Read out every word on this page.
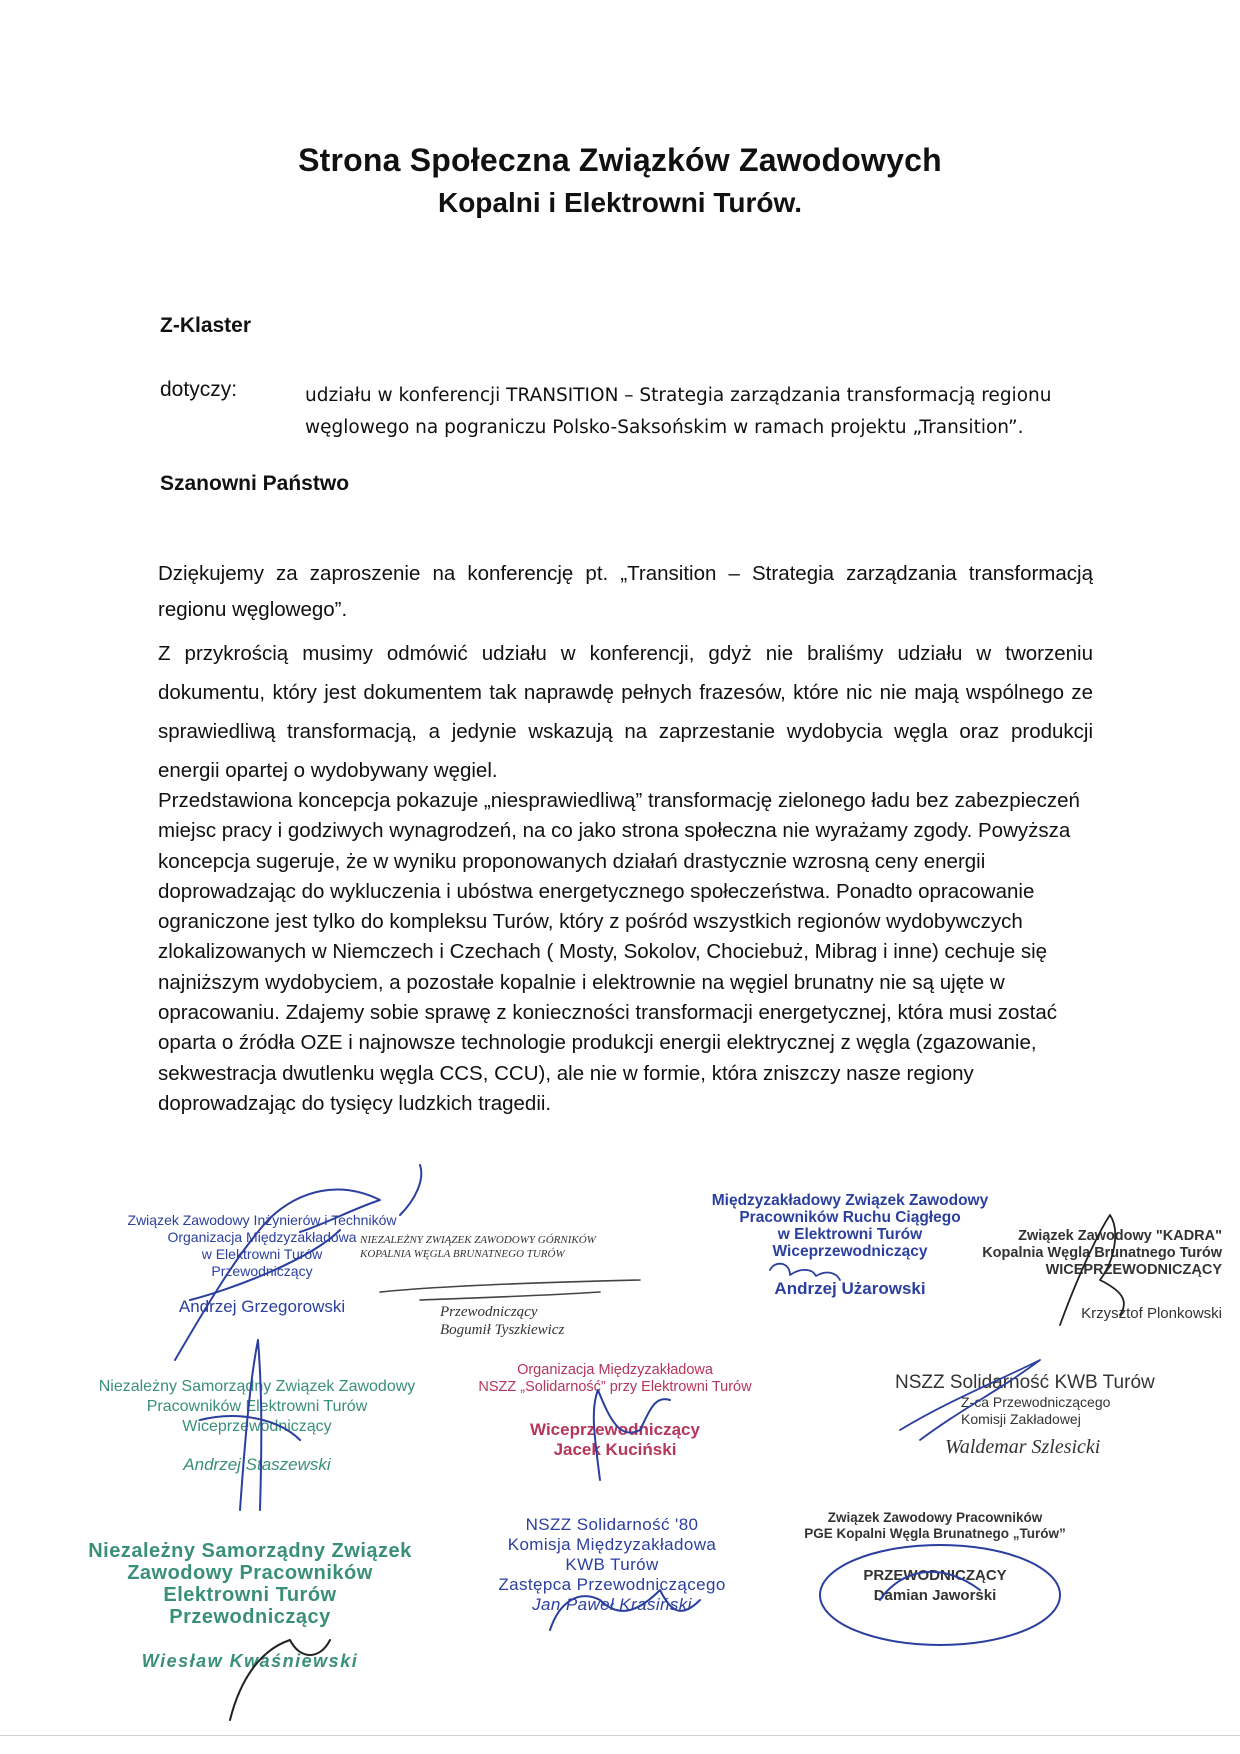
Strona Społeczna Związków Zawodowych
Kopalni i Elektrowni Turów.
Z-Klaster
dotyczy:	udziału w konferencji TRANSITION – Strategia zarządzania transformacją regionu węglowego na pograniczu Polsko-Saksońskim w ramach projektu „Transition”.
Szanowni Państwo
Dziękujemy za zaproszenie na konferencję pt. „Transition – Strategia zarządzania transformacją regionu węglowego”.
Z przykrością musimy odmówić udziału w konferencji, gdyż nie braliśmy udziału w tworzeniu dokumentu, który jest dokumentem tak naprawdę pełnych frazesów, które nic nie mają wspólnego ze sprawiedliwą transformacją, a jedynie wskazują na zaprzestanie wydobycia węgla oraz produkcji energii opartej o wydobywany węgiel.
Przedstawiona koncepcja pokazuje „niesprawiedliwą” transformację zielonego ładu bez zabezpieczeń miejsc pracy i godziwych wynagrodzeń, na co jako strona społeczna nie wyrażamy zgody. Powyższa koncepcja sugeruje, że w wyniku proponowanych działań drastycznie wzrosną ceny energii doprowadzając do wykluczenia i ubóstwa energetycznego społeczeństwa. Ponadto opracowanie ograniczone jest tylko do kompleksu Turów, który z pośród wszystkich regionów wydobywczych zlokalizowanych w Niemczech i Czechach ( Mosty, Sokolov, Chociebuż, Mibrag i inne) cechuje się najniższym wydobyciem, a pozostałe kopalnie i elektrownie na węgiel brunatny nie są ujęte w opracowaniu. Zdajemy sobie sprawę z konieczności transformacji energetycznej, która musi zostać oparta o źródła OZE i najnowsze technologie produkcji energii elektrycznej z węgla (zgazowanie, sekwestracja dwutlenku węgla CCS, CCU), ale nie w formie, która zniszczy nasze regiony doprowadzając do tysięcy ludzkich tragedii.
Związek Zawodowy Inżynierów i Techników
Organizacja Międzyzakładowa
w Elektrowni Turów
Przewodniczący
Andrzej Grzegorowski
NIEZALEŻNY ZWIĄZEK ZAWODOWY GÓRNIKÓW
KOPALNIA WĘGLA BRUNATNEGO TURÓW
Przewodniczący
Bogumił Tyszkiewicz
Międzyzakładowy Związek Zawodowy
Pracowników Ruchu Ciągłego
w Elektrowni Turów
Wiceprzewodniczący
Andrzej Użarowski
Związek Zawodowy "KADRA"
Kopalnia Węgla Brunatnego Turów
WICEPRZEWODNICZĄCY
Krzysztof Plonkowski
Niezależny Samorządny Związek Zawodowy
Pracowników Elektrowni Turów
Wiceprzewodniczący
Andrzej Staszewski
Organizacja Międzyzakładowa
NSZZ „Solidarność” przy Elektrowni Turów
Wiceprzewodniczący
Jacek Kuciński
NSZZ Solidarność KWB Turów
Z-ca Przewodniczącego
Komisji Zakładowej
Waldemar Szlesicki
Niezależny Samorządny Związek
Zawodowy Pracowników
Elektrowni Turów
Przewodniczący
Wiesław Kwaśniewski
NSZZ Solidarność '80
Komisja Międzyzakładowa
KWB Turów
Zastępca Przewodniczącego
Jan Paweł Krasiński
Związek Zawodowy Pracowników
PGE Kopalni Węgla Brunatnego „Turów”
PRZEWODNICZĄCY
Damian Jaworski
